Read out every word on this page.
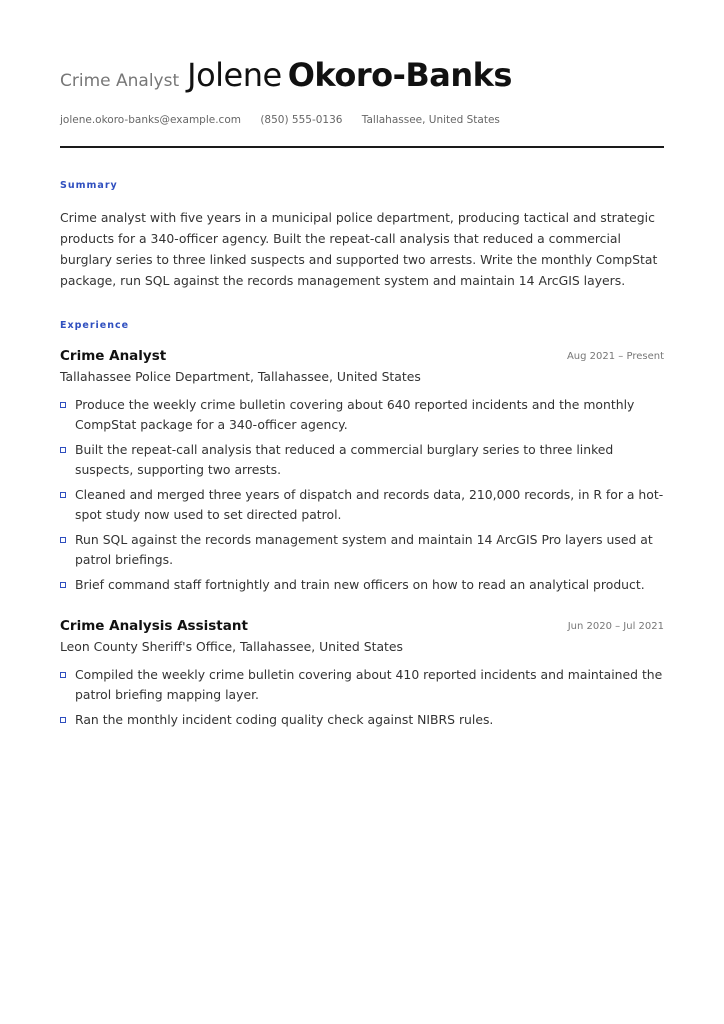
Crime Analyst Jolene Okoro-Banks
jolene.okoro-banks@example.com (850) 555-0136 Tallahassee, United States
Summary
Crime analyst with five years in a municipal police department, producing tactical and strategic products for a 340-officer agency. Built the repeat-call analysis that reduced a commercial burglary series to three linked suspects and supported two arrests. Write the monthly CompStat package, run SQL against the records management system and maintain 14 ArcGIS layers.
Experience
Crime Analyst	Aug 2021 – Present
Tallahassee Police Department, Tallahassee, United States
Produce the weekly crime bulletin covering about 640 reported incidents and the monthly CompStat package for a 340-officer agency.
Built the repeat-call analysis that reduced a commercial burglary series to three linked suspects, supporting two arrests.
Cleaned and merged three years of dispatch and records data, 210,000 records, in R for a hot-spot study now used to set directed patrol.
Run SQL against the records management system and maintain 14 ArcGIS Pro layers used at patrol briefings.
Brief command staff fortnightly and train new officers on how to read an analytical product.
Crime Analysis Assistant	Jun 2020 – Jul 2021
Leon County Sheriff's Office, Tallahassee, United States
Compiled the weekly crime bulletin covering about 410 reported incidents and maintained the patrol briefing mapping layer.
Ran the monthly incident coding quality check against NIBRS rules.
